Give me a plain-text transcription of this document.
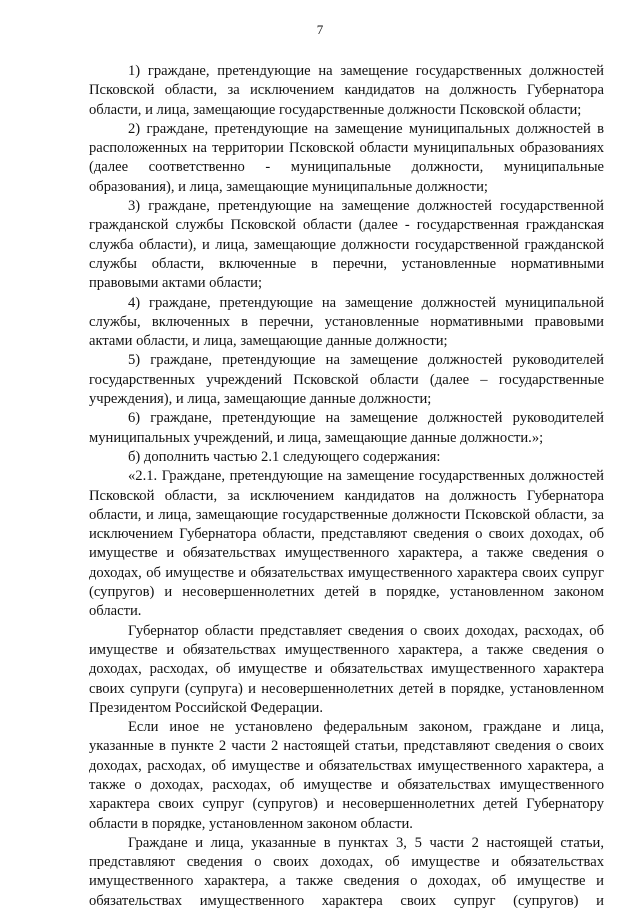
7

1) граждане, претендующие на замещение государственных должностей Псковской области, за исключением кандидатов на должность Губернатора области, и лица, замещающие государственные должности Псковской области;

2) граждане, претендующие на замещение муниципальных должностей в расположенных на территории Псковской области муниципальных образованиях (далее соответственно - муниципальные должности, муниципальные образования), и лица, замещающие муниципальные должности;

3) граждане, претендующие на замещение должностей государственной гражданской службы Псковской области (далее - государственная гражданская служба области), и лица, замещающие должности государственной гражданской службы области, включенные в перечни, установленные нормативными правовыми актами области;

4) граждане, претендующие на замещение должностей муниципальной службы, включенных в перечни, установленные нормативными правовыми актами области, и лица, замещающие данные должности;

5) граждане, претендующие на замещение должностей руководителей государственных учреждений Псковской области (далее – государственные учреждения), и лица, замещающие данные должности;

6) граждане, претендующие на замещение должностей руководителей муниципальных учреждений, и лица, замещающие данные должности.»;

б) дополнить частью 2.1 следующего содержания:

«2.1. Граждане, претендующие на замещение государственных должностей Псковской области, за исключением кандидатов на должность Губернатора области, и лица, замещающие государственные должности Псковской области, за исключением Губернатора области, представляют сведения о своих доходах, об имуществе и обязательствах имущественного характера, а также сведения о доходах, об имуществе и обязательствах имущественного характера своих супруг (супругов) и несовершеннолетних детей в порядке, установленном законом области.

Губернатор области представляет сведения о своих доходах, расходах, об имуществе и обязательствах имущественного характера, а также сведения о доходах, расходах, об имуществе и обязательствах имущественного характера своих супруги (супруга) и несовершеннолетних детей в порядке, установленном Президентом Российской Федерации.

Если иное не установлено федеральным законом, граждане и лица, указанные в пункте 2 части 2 настоящей статьи, представляют сведения о своих доходах, расходах, об имуществе и обязательствах имущественного характера, а также о доходах, расходах, об имуществе и обязательствах имущественного характера своих супруг (супругов) и несовершеннолетних детей Губернатору области в порядке, установленном законом области.

Граждане и лица, указанные в пунктах 3, 5 части 2 настоящей статьи, представляют сведения о своих доходах, об имуществе и обязательствах имущественного характера, а также сведения о доходах, об имуществе и обязательствах имущественного характера своих супруг (супругов) и
